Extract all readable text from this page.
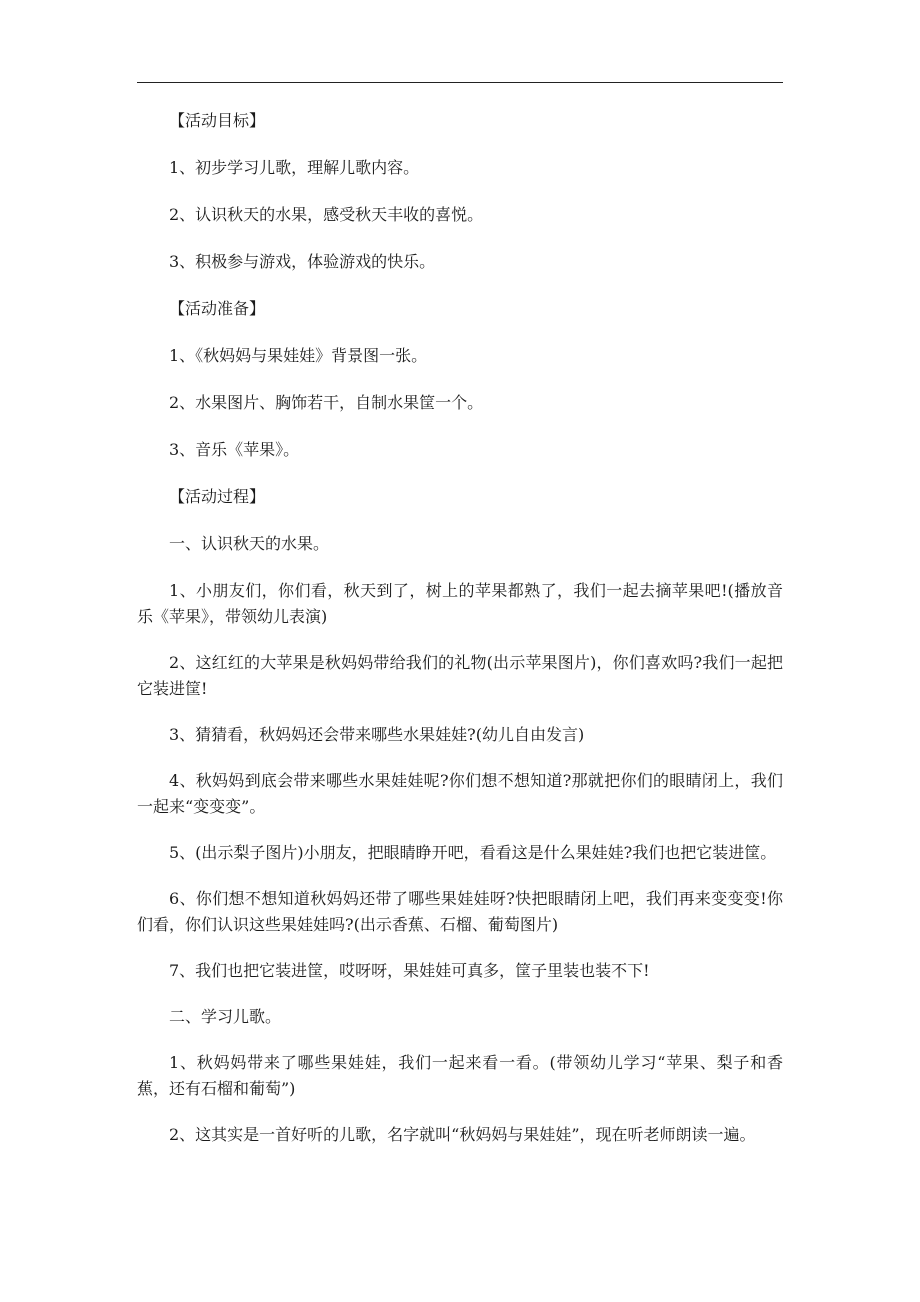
【活动目标】

1、初步学习儿歌，理解儿歌内容。

2、认识秋天的水果，感受秋天丰收的喜悦。

3、积极参与游戏，体验游戏的快乐。

【活动准备】

1、《秋妈妈与果娃娃》背景图一张。

2、水果图片、胸饰若干，自制水果筐一个。

3、音乐《苹果》。

【活动过程】

一、认识秋天的水果。

1、小朋友们，你们看，秋天到了，树上的苹果都熟了，我们一起去摘苹果吧!(播放音乐《苹果》，带领幼儿表演)

2、这红红的大苹果是秋妈妈带给我们的礼物(出示苹果图片)，你们喜欢吗?我们一起把它装进筐!

3、猜猜看，秋妈妈还会带来哪些水果娃娃?(幼儿自由发言)

4、秋妈妈到底会带来哪些水果娃娃呢?你们想不想知道?那就把你们的眼睛闭上，我们一起来“变变变”。

5、(出示梨子图片)小朋友，把眼睛睁开吧，看看这是什么果娃娃?我们也把它装进筐。

6、你们想不想知道秋妈妈还带了哪些果娃娃呀?快把眼睛闭上吧，我们再来变变变!你们看，你们认识这些果娃娃吗?(出示香蕉、石榴、葡萄图片)

7、我们也把它装进筐，哎呀呀，果娃娃可真多，筐子里装也装不下!

二、学习儿歌。

1、秋妈妈带来了哪些果娃娃，我们一起来看一看。(带领幼儿学习“苹果、梨子和香蕉，还有石榴和葡萄”)

2、这其实是一首好听的儿歌，名字就叫“秋妈妈与果娃娃”，现在听老师朗读一遍。
